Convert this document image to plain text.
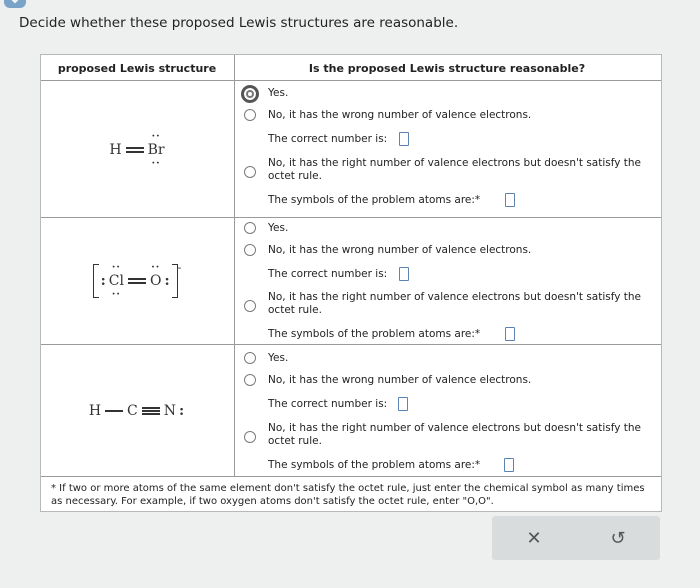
Decide whether these proposed Lewis structures are reasonable.
proposed Lewis structure	Is the proposed Lewis structure reasonable?
H
··
Br
··
Yes.
No, it has the wrong number of valence electrons.
The correct number is:
No, it has the right number of valence electrons but doesn't satisfy the
octet rule.
The symbols of the problem atoms are:*
:
··
Cl
··
··
O :
-
Yes.
No, it has the wrong number of valence electrons.
The correct number is:
No, it has the right number of valence electrons but doesn't satisfy the
octet rule.
The symbols of the problem atoms are:*
H C N :
Yes.
No, it has the wrong number of valence electrons.
The correct number is:
No, it has the right number of valence electrons but doesn't satisfy the
octet rule.
The symbols of the problem atoms are:*
* If two or more atoms of the same element don't satisfy the octet rule, just enter the chemical symbol as many times as necessary. For example, if two oxygen atoms don't satisfy the octet rule, enter "O,O".
✕	↺
